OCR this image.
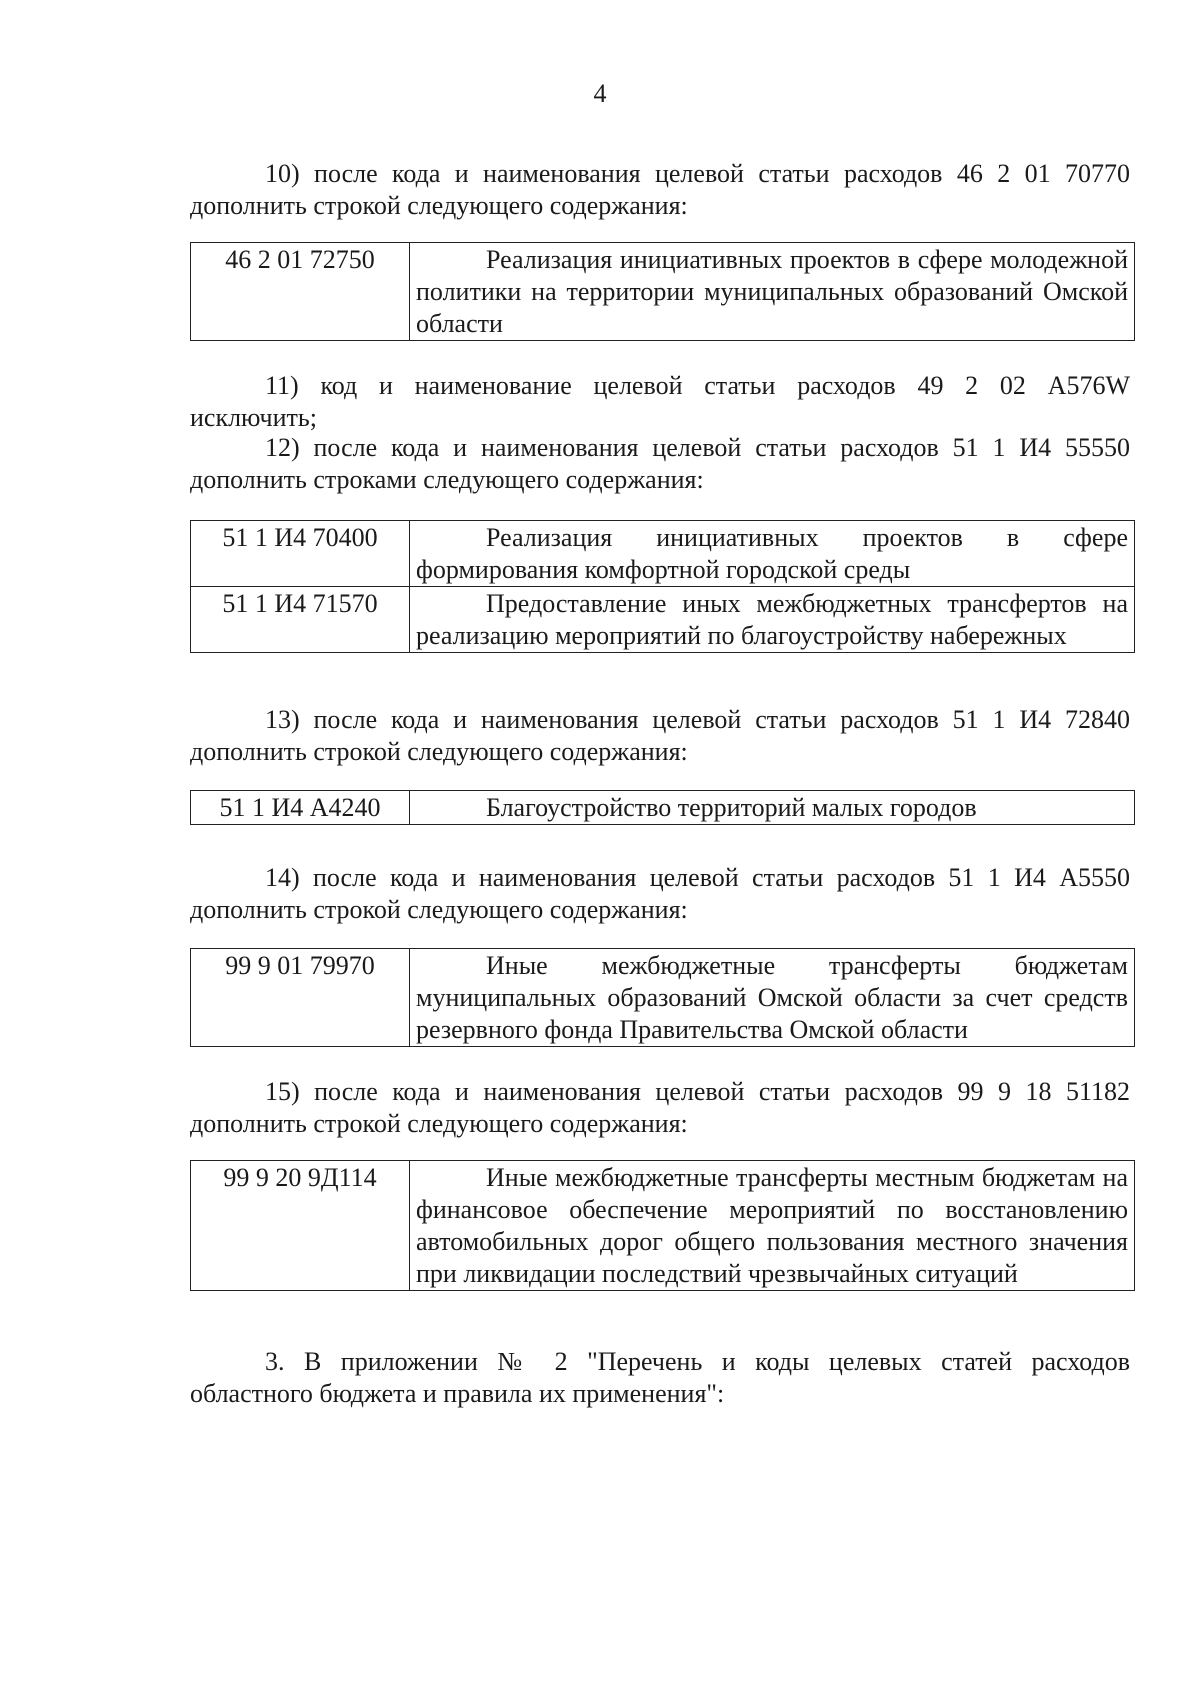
4
10) после кода и наименования целевой статьи расходов 46 2 01 70770
дополнить строкой следующего содержания:
46 2 01 72750	Реализация инициативных проектов в сфере молодежной политики на территории муниципальных образований Омской области
11) код и наименование целевой статьи расходов 49 2 02 A576W
исключить;
12) после кода и наименования целевой статьи расходов 51 1 И4 55550
дополнить строками следующего содержания:
51 1 И4 70400	Реализация инициативных проектов в сфере формирования комфортной городской среды
51 1 И4 71570	Предоставление иных межбюджетных трансфертов на реализацию мероприятий по благоустройству набережных
13) после кода и наименования целевой статьи расходов 51 1 И4 72840
дополнить строкой следующего содержания:
51 1 И4 А4240	Благоустройство территорий малых городов
14) после кода и наименования целевой статьи расходов 51 1 И4 А5550
дополнить строкой следующего содержания:
99 9 01 79970	Иные межбюджетные трансферты бюджетам муниципальных образований Омской области за счет средств резервного фонда Правительства Омской области
15) после кода и наименования целевой статьи расходов 99 9 18 51182
дополнить строкой следующего содержания:
99 9 20 9Д114	Иные межбюджетные трансферты местным бюджетам на финансовое обеспечение мероприятий по восстановлению автомобильных дорог общего пользования местного значения при ликвидации последствий чрезвычайных ситуаций
3. В приложении № 2 "Перечень и коды целевых статей расходов
областного бюджета и правила их применения":
